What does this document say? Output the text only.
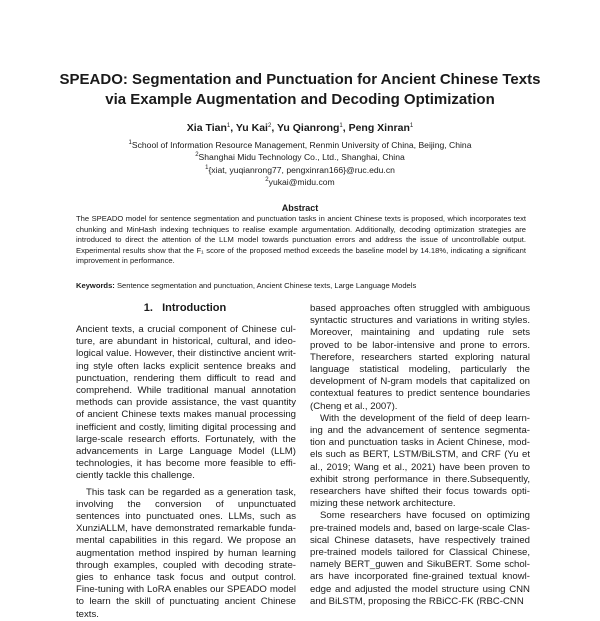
SPEADO: Segmentation and Punctuation for Ancient Chinese Texts
via Example Augmentation and Decoding Optimization
Xia Tian$^1$, Yu Kai$^2$, Yu Qianrong$^1$, Peng Xinran$^1$
$^1$School of Information Resource Management, Renmin University of China, Beijing, China
$^2$Shanghai Midu Technology Co., Ltd., Shanghai, China
$^1${xiat, yuqianrong77, pengxinran166}@ruc.edu.cn
$^2$yukai@midu.com
Abstract
The SPEADO model for sentence segmentation and punctuation tasks in ancient Chinese texts is proposed, which incorporates text chunking and MinHash indexing techniques to realise example argumentation. Additionally, decoding optimization strategies are introduced to direct the attention of the LLM model towards punctuation errors and address the issue of uncontrollable output. Experimental results show that the F₁ score of the proposed method exceeds the baseline model by 14.18%, indicating a significant improvement in performance.
Keywords: Sentence segmentation and punctuation, Ancient Chinese texts, Large Language Models
1. Introduction

Ancient texts, a crucial component of Chinese culture, are abundant in historical, cultural, and ideological value. However, their distinctive ancient writing style often lacks explicit sentence breaks and punctuation, rendering them difficult to read and comprehend. While traditional manual annotation methods can provide assistance, the vast quantity of ancient Chinese texts makes manual processing inefficient and costly, limiting digital processing and large-scale research efforts. Fortunately, with the advancements in Large Language Model (LLM) technologies, it has become more feasible to efficiently tackle this challenge.

This task can be regarded as a generation task, involving the conversion of unpunctuated sentences into punctuated ones. LLMs, such as XunziALLM, have demonstrated remarkable fundamental capabilities in this regard. We propose an augmentation method inspired by human learning through examples, coupled with decoding strategies to enhance task focus and output control. Fine-tuning with LoRA enables our SPEADO model to learn the skill of punctuating ancient Chinese texts.

based approaches often struggled with ambiguous syntactic structures and variations in writing styles. Moreover, maintaining and updating rule sets proved to be labor-intensive and prone to errors. Therefore, researchers started exploring natural language statistical modeling, particularly the development of N-gram models that capitalized on contextual features to predict sentence boundaries (Cheng et al., 2007).

With the development of the field of deep learning and the advancement of sentence segmentation and punctuation tasks in Acient Chinese, models such as BERT, LSTM/BiLSTM, and CRF (Yu et al., 2019; Wang et al., 2021) have been proven to exhibit strong performance in there.Subsequently, researchers have shifted their focus towards optimizing these network architecture.

Some researchers have focused on optimizing pre-trained models and, based on large-scale Classical Chinese datasets, have respectively trained pre-trained models tailored for Classical Chinese, namely BERT_guwen and SikuBERT. Some scholars have incorporated fine-grained textual knowledge and adjusted the model structure using CNN and BiLSTM, proposing the RBiCC-FK (RBC-CNN
